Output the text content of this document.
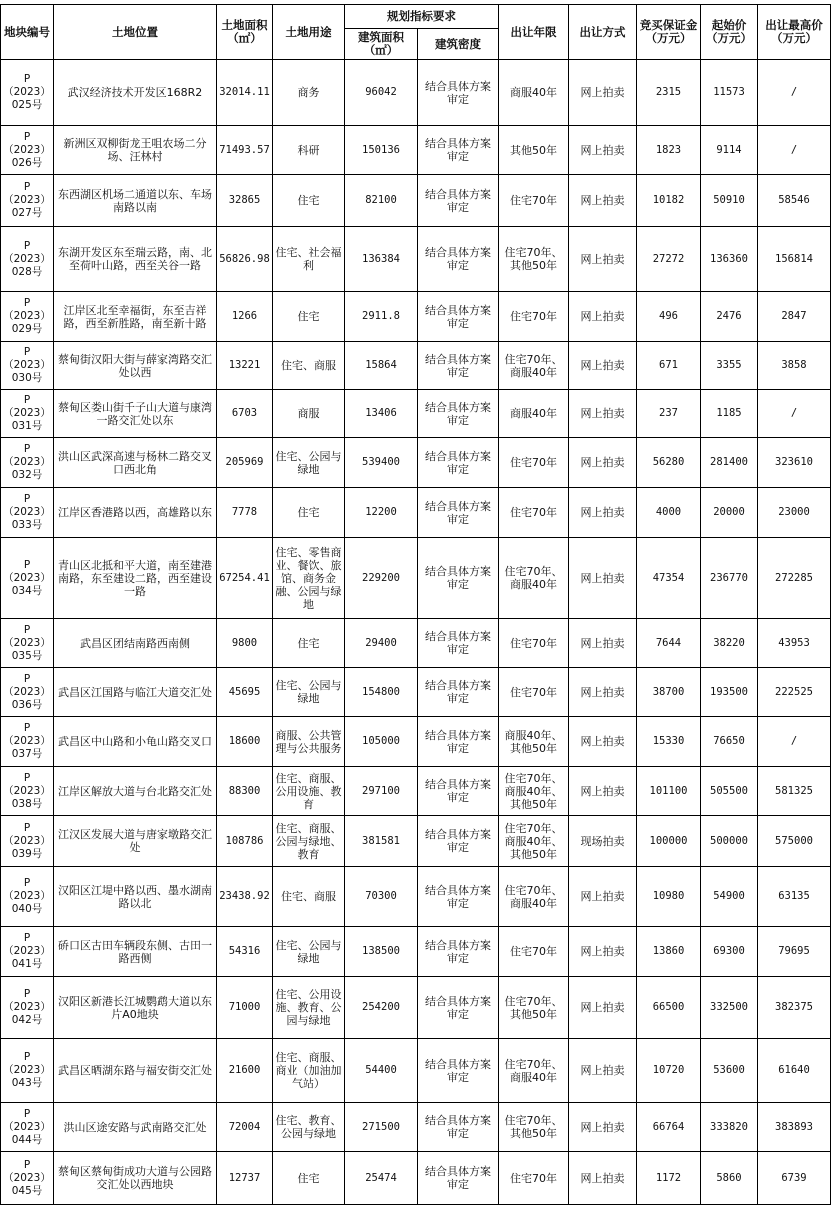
地块编号	土地位置	土地面积（㎡）	土地用途	规划指标要求		出让年限	出让方式	竞买保证金（万元）	起始价（万元）	出让最高价（万元）
				建筑面积（㎡）	建筑密度					
P（2023）025号	武汉经济技术开发区168R2	32014.11	商务	96042	结合具体方案审定	商服40年	网上拍卖	2315	11573	/
P（2023）026号	新洲区双柳街龙王咀农场二分场、汪林村	71493.57	科研	150136	结合具体方案审定	其他50年	网上拍卖	1823	9114	/
P（2023）027号	东西湖区机场二通道以东、车场南路以南	32865	住宅	82100	结合具体方案审定	住宅70年	网上拍卖	10182	50910	58546
P（2023）028号	东湖开发区东至瑞云路，南、北至荷叶山路，西至关谷一路	56826.98	住宅、社会福利	136384	结合具体方案审定	住宅70年、其他50年	网上拍卖	27272	136360	156814
P（2023）029号	江岸区北至幸福街，东至吉祥路，西至新胜路，南至新十路	1266	住宅	2911.8	结合具体方案审定	住宅70年	网上拍卖	496	2476	2847
P（2023）030号	蔡甸街汉阳大街与薛家湾路交汇处以西	13221	住宅、商服	15864	结合具体方案审定	住宅70年、商服40年	网上拍卖	671	3355	3858
P（2023）031号	蔡甸区娄山街千子山大道与康湾一路交汇处以东	6703	商服	13406	结合具体方案审定	商服40年	网上拍卖	237	1185	/
P（2023）032号	洪山区武深高速与杨林二路交叉口西北角	205969	住宅、公园与绿地	539400	结合具体方案审定	住宅70年	网上拍卖	56280	281400	323610
P（2023）033号	江岸区香港路以西，高雄路以东	7778	住宅	12200	结合具体方案审定	住宅70年	网上拍卖	4000	20000	23000
P（2023）034号	青山区北抵和平大道，南至建港南路，东至建设二路，西至建设一路	67254.41	住宅、零售商业、餐饮、旅馆、商务金融、公园与绿地	229200	结合具体方案审定	住宅70年、商服40年	网上拍卖	47354	236770	272285
P（2023）035号	武昌区团结南路西南侧	9800	住宅	29400	结合具体方案审定	住宅70年	网上拍卖	7644	38220	43953
P（2023）036号	武昌区江国路与临江大道交汇处	45695	住宅、公园与绿地	154800	结合具体方案审定	住宅70年	网上拍卖	38700	193500	222525
P（2023）037号	武昌区中山路和小龟山路交叉口	18600	商服、公共管理与公共服务	105000	结合具体方案审定	商服40年、其他50年	网上拍卖	15330	76650	/
P（2023）038号	江岸区解放大道与台北路交汇处	88300	住宅、商服、公用设施、教育	297100	结合具体方案审定	住宅70年、商服40年、其他50年	网上拍卖	101100	505500	581325
P（2023）039号	江汉区发展大道与唐家墩路交汇处	108786	住宅、商服、公园与绿地、教育	381581	结合具体方案审定	住宅70年、商服40年、其他50年	现场拍卖	100000	500000	575000
P（2023）040号	汉阳区江堤中路以西、墨水湖南路以北	23438.92	住宅、商服	70300	结合具体方案审定	住宅70年、商服40年	网上拍卖	10980	54900	63135
P（2023）041号	硚口区古田车辆段东侧、古田一路西侧	54316	住宅、公园与绿地	138500	结合具体方案审定	住宅70年	网上拍卖	13860	69300	79695
P（2023）042号	汉阳区新港长江城鹦鹉大道以东片A0地块	71000	住宅、公用设施、教育、公园与绿地	254200	结合具体方案审定	住宅70年、其他50年	网上拍卖	66500	332500	382375
P（2023）043号	武昌区晒湖东路与福安街交汇处	21600	住宅、商服、商业（加油加气站）	54400	结合具体方案审定	住宅70年、商服40年	网上拍卖	10720	53600	61640
P（2023）044号	洪山区途安路与武南路交汇处	72004	住宅、教育、公园与绿地	271500	结合具体方案审定	住宅70年、其他50年	网上拍卖	66764	333820	383893
P（2023）045号	蔡甸区蔡甸街成功大道与公园路交汇处以西地块	12737	住宅	25474	结合具体方案审定	住宅70年	网上拍卖	1172	5860	6739
